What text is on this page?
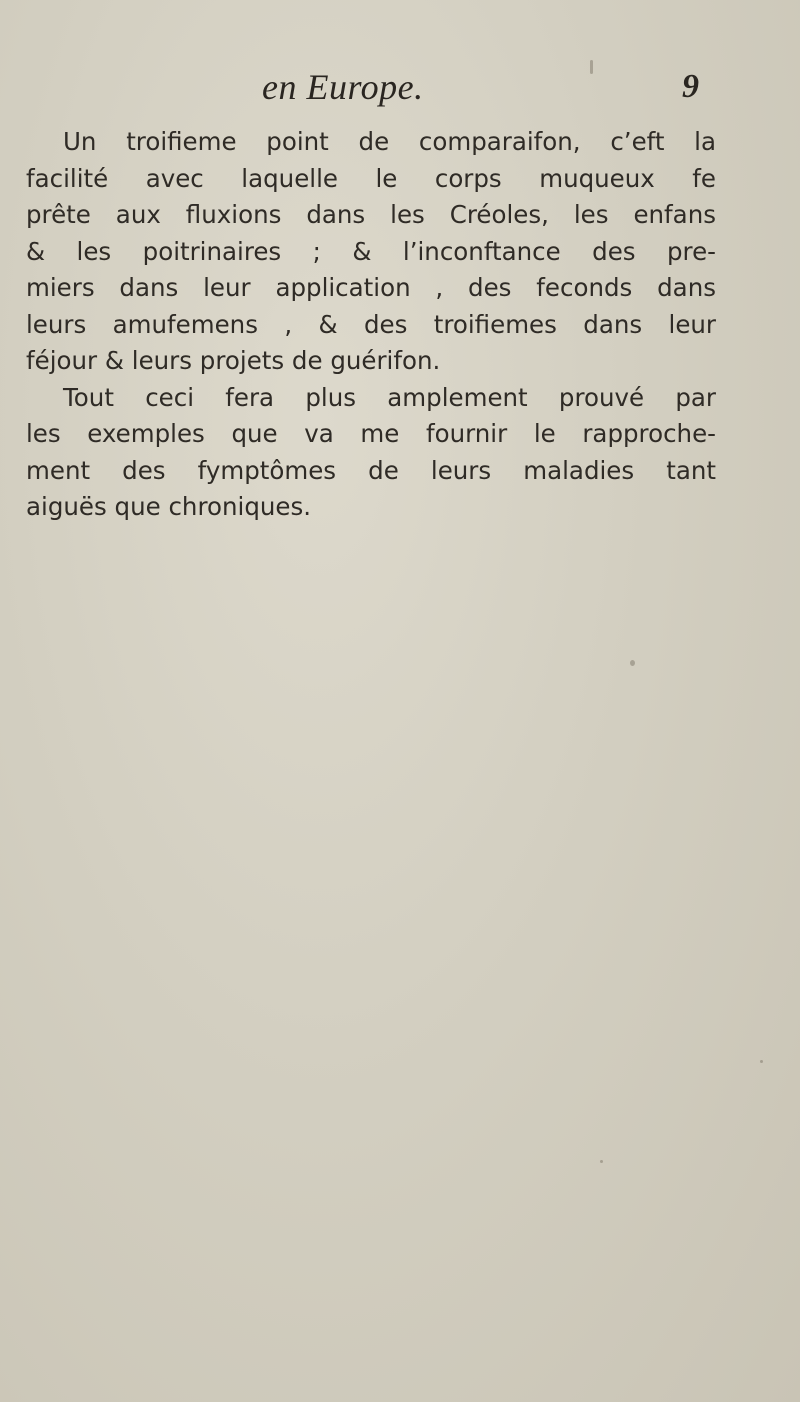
en Europe.	9
Un troifieme point de comparaifon, c’eft la
facilité avec laquelle le corps muqueux fe
prête aux fluxions dans les Créoles, les enfans
& les poitrinaires ; & l’inconftance des pre-
miers dans leur application , des feconds dans
leurs amufemens , & des troifiemes dans leur
féjour & leurs projets de guérifon.
Tout ceci fera plus amplement prouvé par
les exemples que va me fournir le rapproche-
ment des fymptômes de leurs maladies tant
aiguës que chroniques.
